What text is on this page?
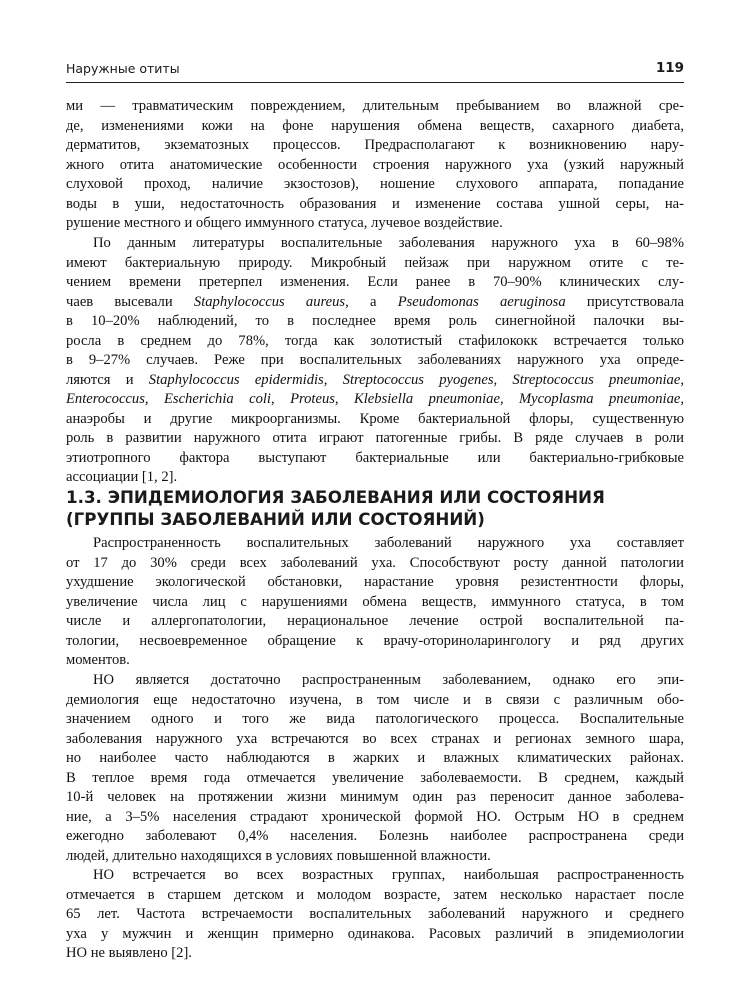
Наружные отиты	119
ми — травматическим повреждением, длительным пребыванием во влажной сре-
де, изменениями кожи на фоне нарушения обмена веществ, сахарного диабета,
дерматитов, экзематозных процессов. Предрасполагают к возникновению нару-
жного отита анатомические особенности строения наружного уха (узкий наружный
слуховой проход, наличие экзостозов), ношение слухового аппарата, попадание
воды в уши, недостаточность образования и изменение состава ушной серы, на-
рушение местного и общего иммунного статуса, лучевое воздействие.
По данным литературы воспалительные заболевания наружного уха в 60–98%
имеют бактериальную природу. Микробный пейзаж при наружном отите с те-
чением времени претерпел изменения. Если ранее в 70–90% клинических слу-
чаев высевали Staphylococcus aureus, а Pseudomonas aeruginosa присутствовала
в 10–20% наблюдений, то в последнее время роль синегнойной палочки вы-
росла в среднем до 78%, тогда как золотистый стафилококк встречается только
в 9–27% случаев. Реже при воспалительных заболеваниях наружного уха опреде-
ляются и Staphylococcus epidermidis, Streptococcus pyogenes, Streptococcus pneumoniae,
Enterococcus, Escherichia coli, Proteus, Klebsiella pneumoniae, Mycoplasma pneumoniae,
анаэробы и другие микроорганизмы. Кроме бактериальной флоры, существенную
роль в развитии наружного отита играют патогенные грибы. В ряде случаев в роли
этиотропного фактора выступают бактериальные или бактериально-грибковые
ассоциации [1, 2].
1.3. ЭПИДЕМИОЛОГИЯ ЗАБОЛЕВАНИЯ ИЛИ СОСТОЯНИЯ
(ГРУППЫ ЗАБОЛЕВАНИЙ ИЛИ СОСТОЯНИЙ)
Распространенность воспалительных заболеваний наружного уха составляет
от 17 до 30% среди всех заболеваний уха. Способствуют росту данной патологии
ухудшение экологической обстановки, нарастание уровня резистентности флоры,
увеличение числа лиц с нарушениями обмена веществ, иммунного статуса, в том
числе и аллергопатологии, нерациональное лечение острой воспалительной па-
тологии, несвоевременное обращение к врачу-оториноларингологу и ряд других
моментов.
НО является достаточно распространенным заболеванием, однако его эпи-
демиология еще недостаточно изучена, в том числе и в связи с различным обо-
значением одного и того же вида патологического процесса. Воспалительные
заболевания наружного уха встречаются во всех странах и регионах земного шара,
но наиболее часто наблюдаются в жарких и влажных климатических районах.
В теплое время года отмечается увеличение заболеваемости. В среднем, каждый
10-й человек на протяжении жизни минимум один раз переносит данное заболева-
ние, а 3–5% населения страдают хронической формой НО. Острым НО в среднем
ежегодно заболевают 0,4% населения. Болезнь наиболее распространена среди
людей, длительно находящихся в условиях повышенной влажности.
НО встречается во всех возрастных группах, наибольшая распространенность
отмечается в старшем детском и молодом возрасте, затем несколько нарастает после
65 лет. Частота встречаемости воспалительных заболеваний наружного и среднего
уха у мужчин и женщин примерно одинакова. Расовых различий в эпидемиологии
НО не выявлено [2].
